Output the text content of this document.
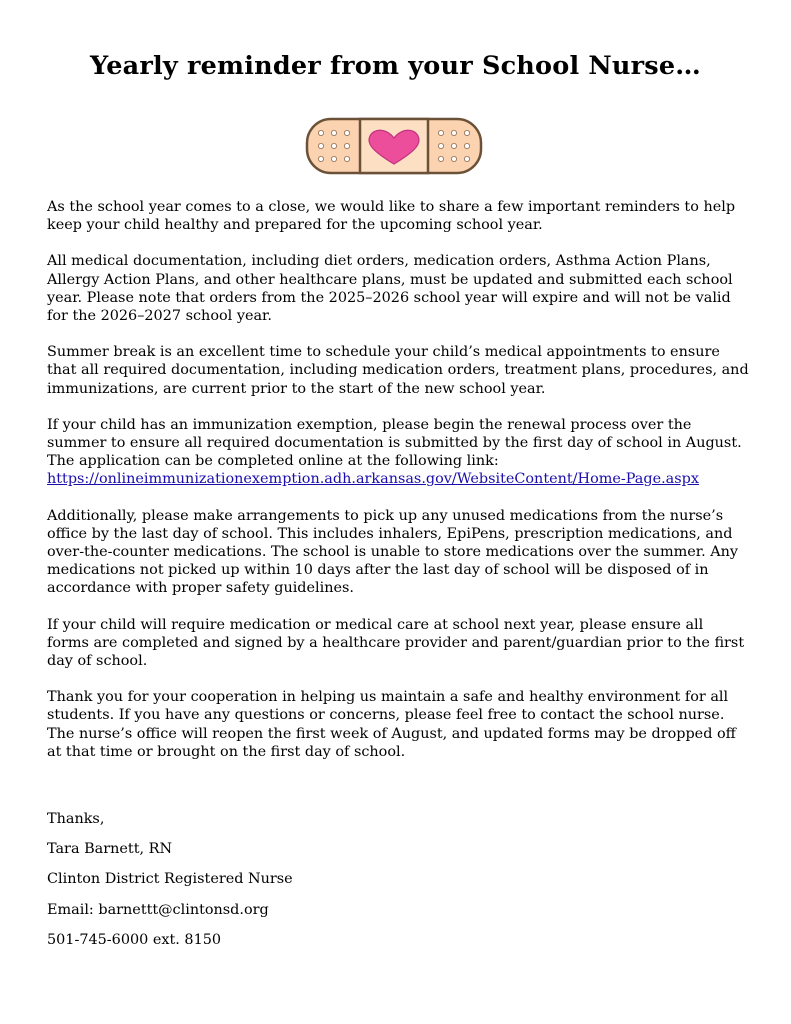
Yearly reminder from your School Nurse…

As the school year comes to a close, we would like to share a few important reminders to help keep your child healthy and prepared for the upcoming school year.

All medical documentation, including diet orders, medication orders, Asthma Action Plans, Allergy Action Plans, and other healthcare plans, must be updated and submitted each school year. Please note that orders from the 2025–2026 school year will expire and will not be valid for the 2026–2027 school year.

Summer break is an excellent time to schedule your child’s medical appointments to ensure that all required documentation, including medication orders, treatment plans, procedures, and immunizations, are current prior to the start of the new school year.

If your child has an immunization exemption, please begin the renewal process over the summer to ensure all required documentation is submitted by the first day of school in August. The application can be completed online at the following link:
https://onlineimmunizationexemption.adh.arkansas.gov/WebsiteContent/Home-Page.aspx

Additionally, please make arrangements to pick up any unused medications from the nurse’s office by the last day of school. This includes inhalers, EpiPens, prescription medications, and over-the-counter medications. The school is unable to store medications over the summer. Any medications not picked up within 10 days after the last day of school will be disposed of in accordance with proper safety guidelines.

If your child will require medication or medical care at school next year, please ensure all forms are completed and signed by a healthcare provider and parent/guardian prior to the first day of school.

Thank you for your cooperation in helping us maintain a safe and healthy environment for all students. If you have any questions or concerns, please feel free to contact the school nurse. The nurse’s office will reopen the first week of August, and updated forms may be dropped off at that time or brought on the first day of school.

Thanks,
Tara Barnett, RN
Clinton District Registered Nurse
Email: barnettt@clintonsd.org
501-745-6000 ext. 8150
